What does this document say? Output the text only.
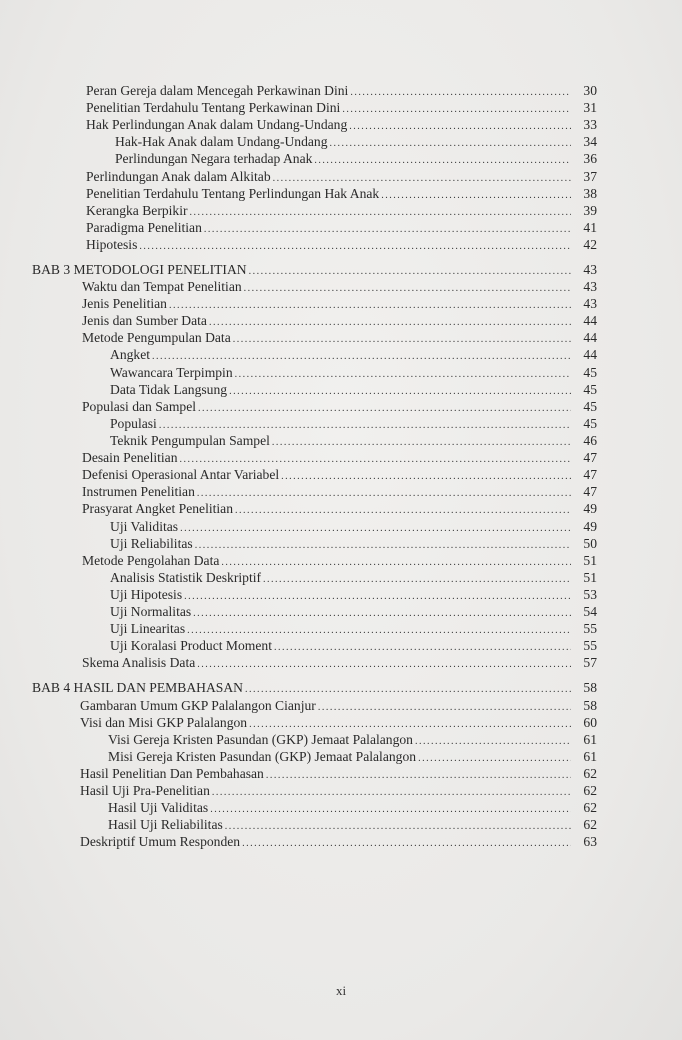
Peran Gereja dalam Mencegah Perkawinan Dini .....	30
Penelitian Terdahulu Tentang Perkawinan Dini .....	31
Hak Perlindungan Anak dalam Undang-Undang .....	33
Hak-Hak Anak dalam Undang-Undang .....	34
Perlindungan Negara terhadap Anak .....	36
Perlindungan Anak dalam Alkitab .....	37
Penelitian Terdahulu Tentang Perlindungan Hak Anak .....	38
Kerangka Berpikir .....	39
Paradigma Penelitian .....	41
Hipotesis .....	42
BAB 3 METODOLOGI PENELITIAN .....	43
Waktu dan Tempat Penelitian .....	43
Jenis Penelitian .....	43
Jenis dan Sumber Data .....	44
Metode Pengumpulan Data .....	44
Angket .....	44
Wawancara Terpimpin .....	45
Data Tidak Langsung .....	45
Populasi dan Sampel .....	45
Populasi .....	45
Teknik Pengumpulan Sampel .....	46
Desain Penelitian .....	47
Defenisi Operasional Antar Variabel .....	47
Instrumen Penelitian .....	47
Prasyarat Angket Penelitian .....	49
Uji Validitas .....	49
Uji Reliabilitas .....	50
Metode Pengolahan Data .....	51
Analisis Statistik Deskriptif .....	51
Uji Hipotesis .....	53
Uji Normalitas .....	54
Uji Linearitas .....	55
Uji Koralasi Product Moment .....	55
Skema Analisis Data .....	57
BAB 4 HASIL DAN PEMBAHASAN .....	58
Gambaran Umum GKP Palalangon Cianjur .....	58
Visi dan Misi GKP Palalangon .....	60
Visi Gereja Kristen Pasundan (GKP) Jemaat Palalangon .....	61
Misi Gereja Kristen Pasundan (GKP) Jemaat Palalangon .....	61
Hasil Penelitian Dan Pembahasan .....	62
Hasil Uji Pra-Penelitian .....	62
Hasil Uji Validitas .....	62
Hasil Uji Reliabilitas .....	62
Deskriptif Umum Responden .....	63
xi
